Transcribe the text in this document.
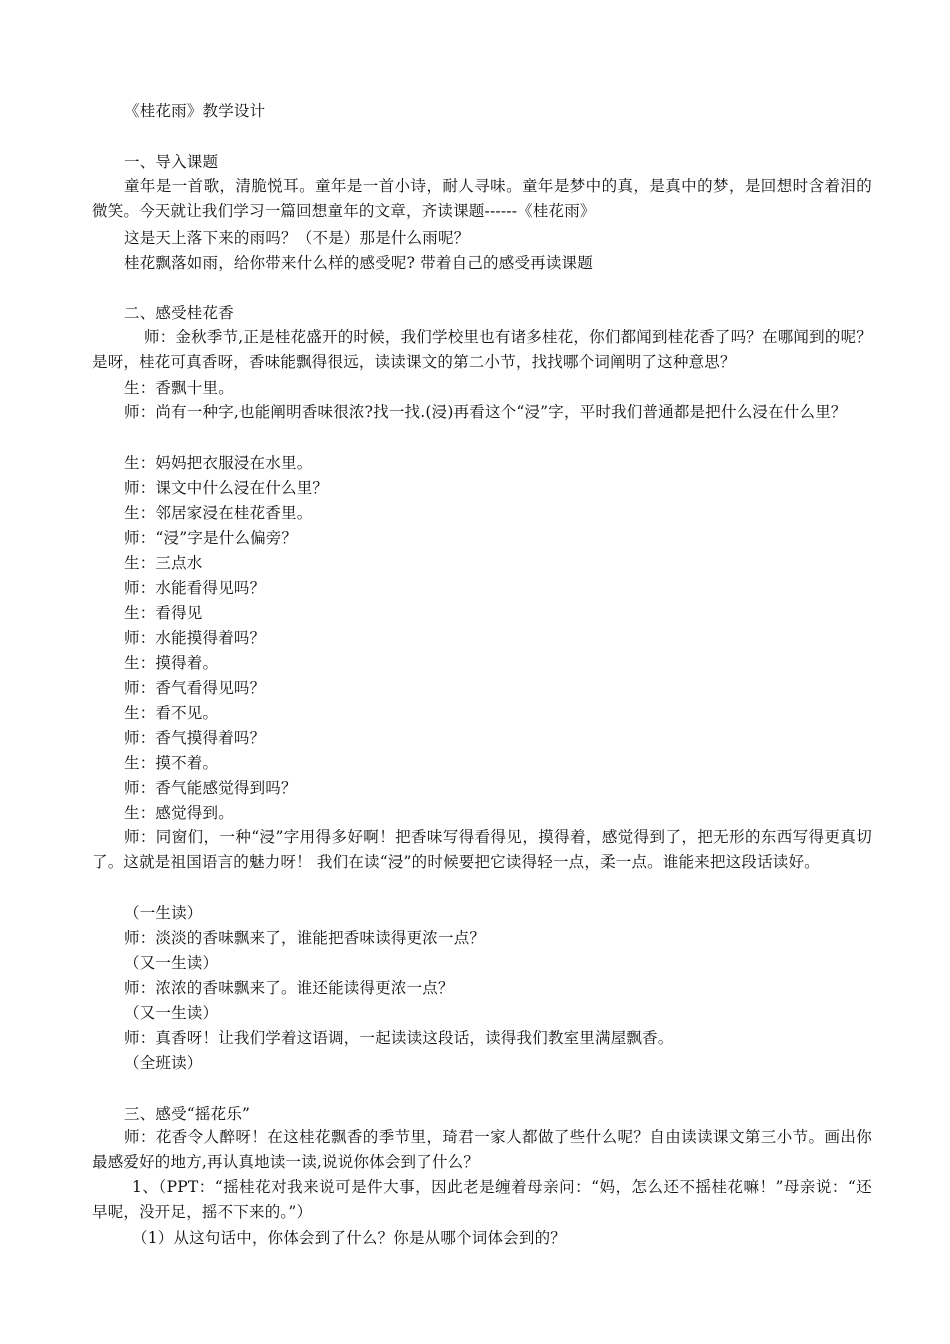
《桂花雨》教学设计
一、导入课题
童年是一首歌，清脆悦耳。童年是一首小诗，耐人寻味。童年是梦中的真，是真中的梦，是回想时含着泪的微笑。今天就让我们学习一篇回想童年的文章，齐读课题------《桂花雨》
这是天上落下来的雨吗？（不是）那是什么雨呢？
桂花飘落如雨，给你带来什么样的感受呢? 带着自己的感受再读课题
二、感受桂花香
师：金秋季节,正是桂花盛开的时候，我们学校里也有诸多桂花，你们都闻到桂花香了吗？在哪闻到的呢？是呀，桂花可真香呀，香味能飘得很远，读读课文的第二小节，找找哪个词阐明了这种意思？
生：香飘十里。
师：尚有一种字,也能阐明香味很浓?找一找.(浸)再看这个“浸”字，平时我们普通都是把什么浸在什么里？
生：妈妈把衣服浸在水里。
师：课文中什么浸在什么里？
生：邻居家浸在桂花香里。
师：“浸”字是什么偏旁？
生：三点水
师：水能看得见吗？
生：看得见
师：水能摸得着吗？
生：摸得着。
师：香气看得见吗？
生：看不见。
师：香气摸得着吗？
生：摸不着。
师：香气能感觉得到吗？
生：感觉得到。
师：同窗们，一种“浸”字用得多好啊！把香味写得看得见，摸得着，感觉得到了，把无形的东西写得更真切了。这就是祖国语言的魅力呀！ 我们在读“浸”的时候要把它读得轻一点，柔一点。谁能来把这段话读好。
（一生读）
师：淡淡的香味飘来了，谁能把香味读得更浓一点？
（又一生读）
师：浓浓的香味飘来了。谁还能读得更浓一点？
（又一生读）
师：真香呀！让我们学着这语调，一起读读这段话，读得我们教室里满屋飘香。
（全班读）
三、感受“摇花乐”
师：花香令人醉呀！在这桂花飘香的季节里，琦君一家人都做了些什么呢？自由读读课文第三小节。画出你最感爱好的地方,再认真地读一读,说说你体会到了什么？
1、（PPT：“摇桂花对我来说可是件大事，因此老是缠着母亲问：“妈，怎么还不摇桂花嘛！”母亲说：“还早呢，没开足，摇不下来的。”）
（1）从这句话中，你体会到了什么？你是从哪个词体会到的？
